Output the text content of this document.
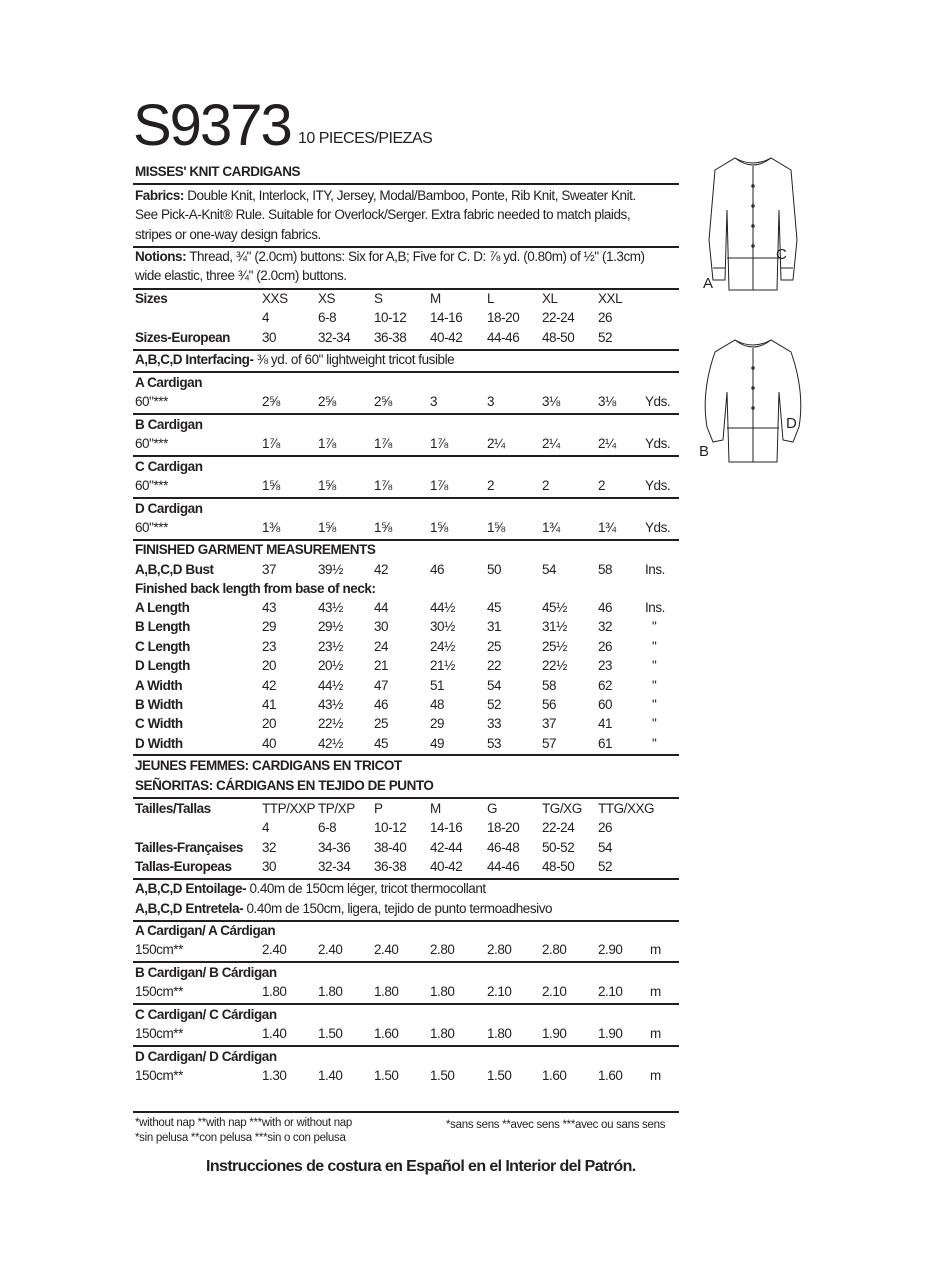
S9373 10 PIECES/PIEZAS
MISSES' KNIT CARDIGANS
Fabrics: Double Knit, Interlock, ITY, Jersey, Modal/Bamboo, Ponte, Rib Knit, Sweater Knit.
See Pick-A-Knit® Rule. Suitable for Overlock/Serger. Extra fabric needed to match plaids,
stripes or one-way design fabrics.
Notions: Thread, ¾" (2.0cm) buttons: Six for A,B; Five for C. D: ⅞ yd. (0.80m) of ½" (1.3cm)
wide elastic, three ¾" (2.0cm) buttons.
Sizes	XXS XS	S	M	L	XL	XXL
4	6-8	10-12 14-16 18-20 22-24 26
Sizes-European 30	32-34 36-38 40-42 44-46 48-50 52
A,B,C,D Interfacing- ⅜ yd. of 60" lightweight tricot fusible
A Cardigan
60"***	2⅝	2⅝	2⅝	3	3	3⅛	3⅛ Yds.
B Cardigan
60"***	1⅞	1⅞	1⅞	1⅞	2¼	2¼	2¼ Yds.
C Cardigan
60"***	1⅝	1⅝	1⅞	1⅞	2	2	2	Yds.
D Cardigan
60"***	1⅜	1⅝	1⅝	1⅝	1⅝	1¾	1¾ Yds.
FINISHED GARMENT MEASUREMENTS
A,B,C,D Bust	37	39½ 42	46	50	54	58 Ins.
Finished back length from base of neck:
A Length	43	43½ 44	44½ 45	45½ 46 Ins.
B Length	29	29½ 30	30½ 31	31½ 32	"
C Length	23	23½ 24	24½ 25	25½ 26	"
D Length	20	20½ 21	21½ 22	22½ 23	"
A Width	42	44½ 47	51	54	58	62	"
B Width	41	43½ 46	48	52	56	60	"
C Width	20	22½ 25	29	33	37	41	"
D Width	40	42½ 45	49	53	57	61	"
JEUNES FEMMES: CARDIGANS EN TRICOT
SEÑORITAS: CÁRDIGANS EN TEJIDO DE PUNTO
Tailles/Tallas	TTP/XXP TP/XP P	M	G	TG/XG TTG/XXG
4	6-8	10-12 14-16 18-20 22-24 26
Tailles-Françaises 32	34-36 38-40 42-44 46-48 50-52 54
Tallas-Europeas 30	32-34 36-38 40-42 44-46 48-50 52
A,B,C,D Entoilage- 0.40m de 150cm léger, tricot thermocollant
A,B,C,D Entretela- 0.40m de 150cm, ligera, tejido de punto termoadhesivo
A Cardigan/ A Cárdigan
150cm**	2.40 2.40 2.40 2.80 2.80 2.80 2.90 m
B Cardigan/ B Cárdigan
150cm**	1.80 1.80 1.80 1.80 2.10 2.10 2.10 m
C Cardigan/ C Cárdigan
150cm**	1.40 1.50 1.60 1.80 1.80 1.90 1.90 m
D Cardigan/ D Cárdigan
150cm**	1.30 1.40 1.50 1.50 1.50 1.60 1.60 m
A
C
D
B
*without nap **with nap ***with or without nap
*sin pelusa **con pelusa ***sin o con pelusa
*sans sens **avec sens ***avec ou sans sens
Instrucciones de costura en Español en el Interior del Patrón.
